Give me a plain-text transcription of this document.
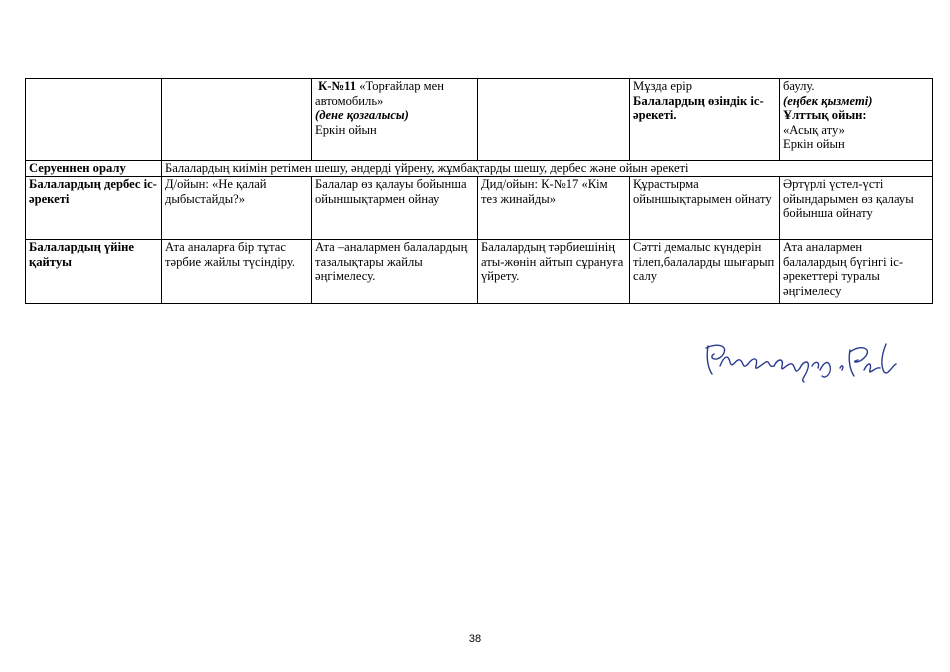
		К-№11 «Торғайлар мен автомобиль»
(дене қозғалысы)
Еркін ойын		Мұзда ерір
Балалардың өзіндік іс-әрекеті.	баулу.
(еңбек қызметі)
Ұлттық ойын:
«Асық ату»
Еркін ойын
Серуеннен оралу	Балалардың киімін ретімен шешу, әндерді үйрену, жұмбақтарды шешу, дербес және ойын әрекеті				
Балалардың дербес іс-әрекеті	Д/ойын: «Не қалай дыбыстайды?»	Балалар өз қалауы бойынша ойыншықтармен ойнау	Дид/ойын: К-№17 «Кім тез жинайды»	Құрастырма ойыншықтарымен ойнату	Әртүрлі үстел-үсті ойындарымен өз қалауы бойынша ойнату
Балалардың үйіне қайтуы	Ата аналарға бір тұтас тәрбие жайлы түсіндіру.	Ата –аналармен балалардың тазалықтары жайлы әңгімелесу.	Балалардың тәрбиешінің аты-жөнін айтып сұрануға үйрету.	Сәтті демалыс күндерін тілеп,балаларды шығарып салу	Ата аналармен балалардың бүгінгі іс-әрекеттері туралы әңгімелесу
38
